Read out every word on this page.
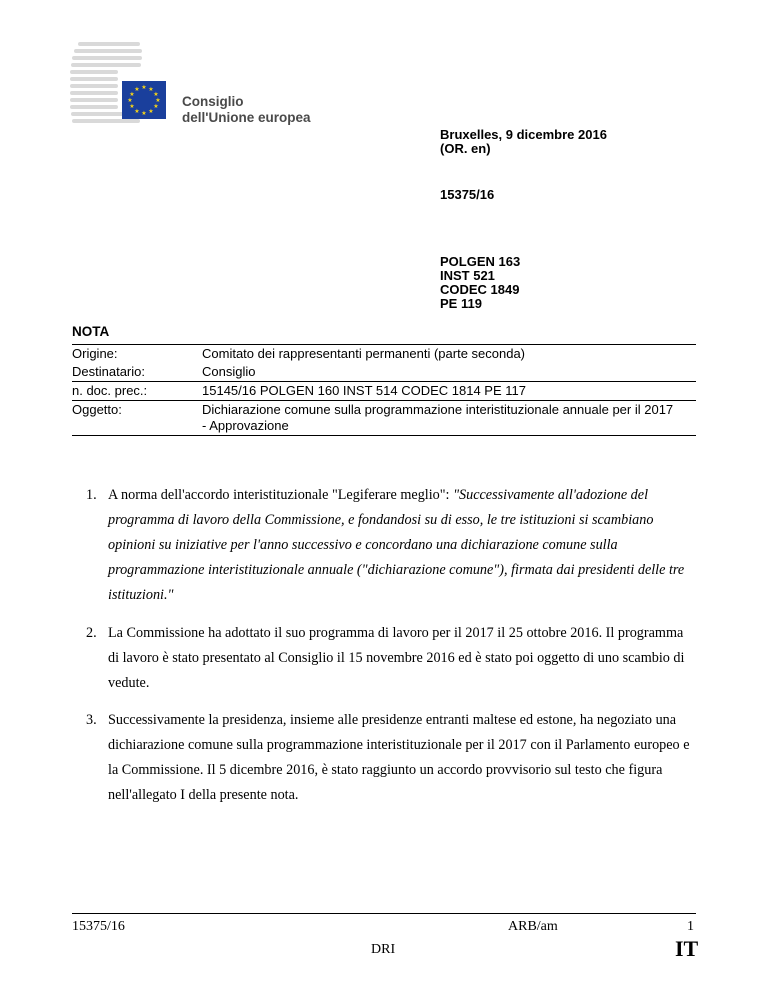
★ ★
★
★
★
★
★
★
★
★
★
★
Consiglio
dell'Unione europea
Bruxelles, 9 dicembre 2016
(OR. en)
15375/16
POLGEN 163
INST 521
CODEC 1849
PE 119
NOTA
Origine:	Comitato dei rappresentanti permanenti (parte seconda)
Destinatario:	Consiglio
n. doc. prec.:	15145/16 POLGEN 160 INST 514 CODEC 1814 PE 117
Oggetto:	Dichiarazione comune sulla programmazione interistituzionale annuale per il 2017
- Approvazione
1. A norma dell'accordo interistituzionale "Legiferare meglio": "Successivamente all'adozione del programma di lavoro della Commissione, e fondandosi su di esso, le tre istituzioni si scambiano opinioni su iniziative per l'anno successivo e concordano una dichiarazione comune sulla programmazione interistituzionale annuale ("dichiarazione comune"), firmata dai presidenti delle tre istituzioni."
2. La Commissione ha adottato il suo programma di lavoro per il 2017 il 25 ottobre 2016. Il programma di lavoro è stato presentato al Consiglio il 15 novembre 2016 ed è stato poi oggetto di uno scambio di vedute.
3. Successivamente la presidenza, insieme alle presidenze entranti maltese ed estone, ha negoziato una dichiarazione comune sulla programmazione interistituzionale per il 2017 con il Parlamento europeo e la Commissione. Il 5 dicembre 2016, è stato raggiunto un accordo provvisorio sul testo che figura nell'allegato I della presente nota.
15375/16	ARB/am	1
DRI	IT
